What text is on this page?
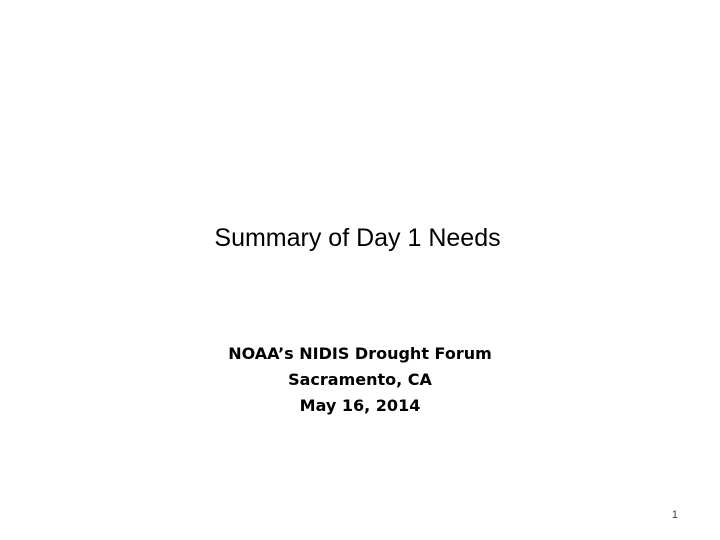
Summary of Day 1 Needs
NOAA’s NIDIS Drought Forum
Sacramento, CA
May 16, 2014
1
